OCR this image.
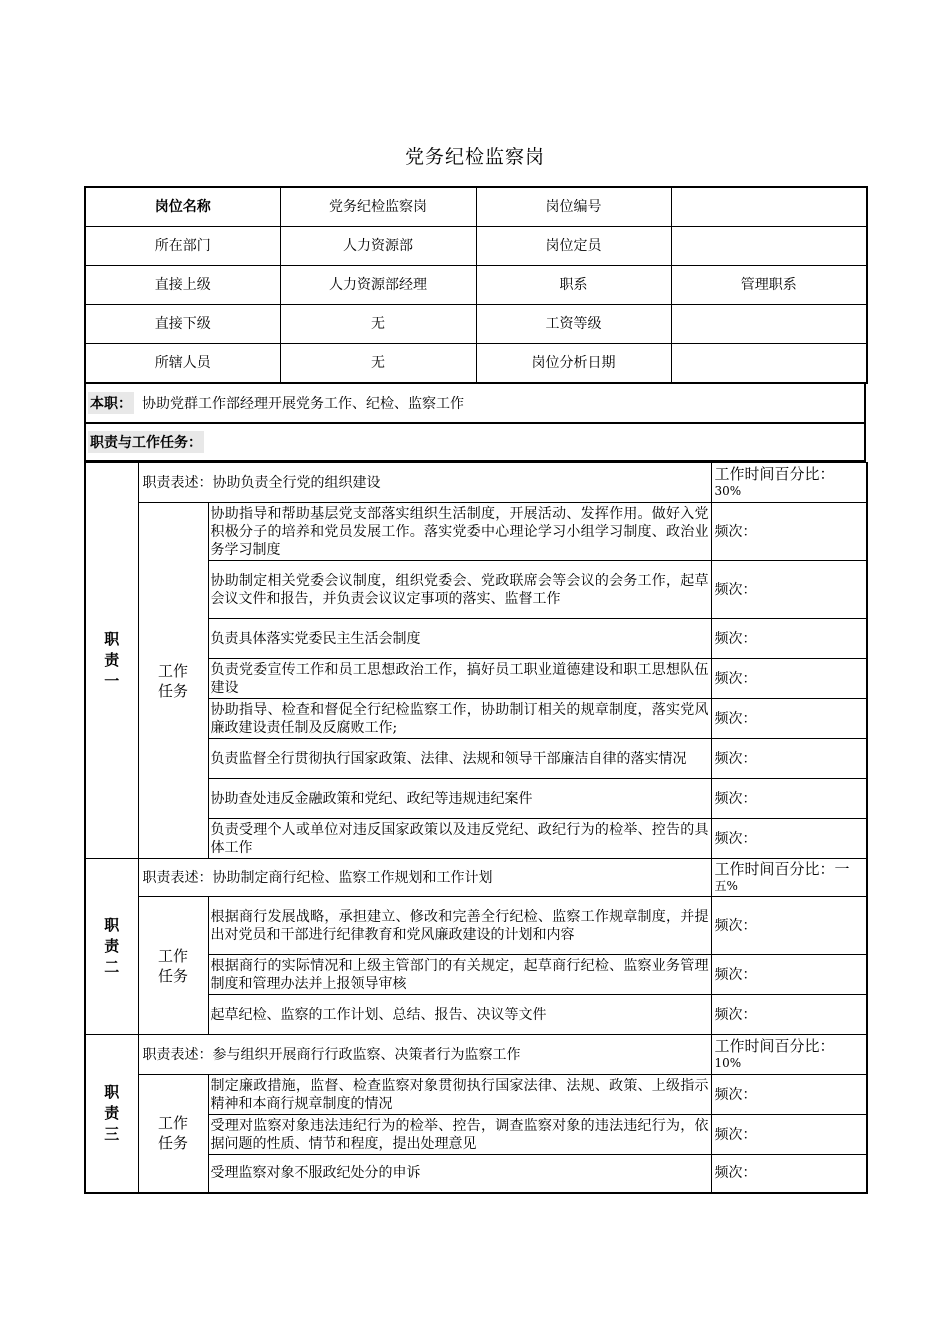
党务纪检监察岗
岗位名称	党务纪检监察岗	岗位编号	
所在部门	人力资源部	岗位定员	
直接上级	人力资源部经理	职系	管理职系
直接下级	无	工资等级	
所辖人员	无	岗位分析日期	
本职： 协助党群工作部经理开展党务工作、纪检、监察工作
职责与工作任务：
职
责
一	职责表述：协助负责全行党的组织建设		工作时间百分比：
30%
	工作
任务	协助指导和帮助基层党支部落实组织生活制度，开展活动、发挥作用。做好入党积极分子的培养和党员发展工作。落实党委中心理论学习小组学习制度、政治业务学习制度	频次：
		协助制定相关党委会议制度，组织党委会、党政联席会等会议的会务工作，起草会议文件和报告，并负责会议议定事项的落实、监督工作	频次：
		负责具体落实党委民主生活会制度	频次：
		负责党委宣传工作和员工思想政治工作，搞好员工职业道德建设和职工思想队伍建设	频次：
		协助指导、检查和督促全行纪检监察工作，协助制订相关的规章制度，落实党风廉政建设责任制及反腐败工作;	频次：
		负责监督全行贯彻执行国家政策、法律、法规和领导干部廉洁自律的落实情况	频次：
		协助查处违反金融政策和党纪、政纪等违规违纪案件	频次：
		负责受理个人或单位对违反国家政策以及违反党纪、政纪行为的检举、控告的具体工作	频次：
职
责
二	职责表述：协助制定商行纪检、监察工作规划和工作计划		工作时间百分比：一
五%
	工作
任务	根据商行发展战略，承担建立、修改和完善全行纪检、监察工作规章制度，并提出对党员和干部进行纪律教育和党风廉政建设的计划和内容	频次：
		根据商行的实际情况和上级主管部门的有关规定，起草商行纪检、监察业务管理制度和管理办法并上报领导审核	频次：
		起草纪检、监察的工作计划、总结、报告、决议等文件	频次：
职
责
三	职责表述：参与组织开展商行行政监察、决策者行为监察工作		工作时间百分比：
10%
	工作
任务	制定廉政措施，监督、检查监察对象贯彻执行国家法律、法规、政策、上级指示精神和本商行规章制度的情况	频次：
		受理对监察对象违法违纪行为的检举、控告，调查监察对象的违法违纪行为，依据问题的性质、情节和程度，提出处理意见	频次：
		受理监察对象不服政纪处分的申诉	频次：
